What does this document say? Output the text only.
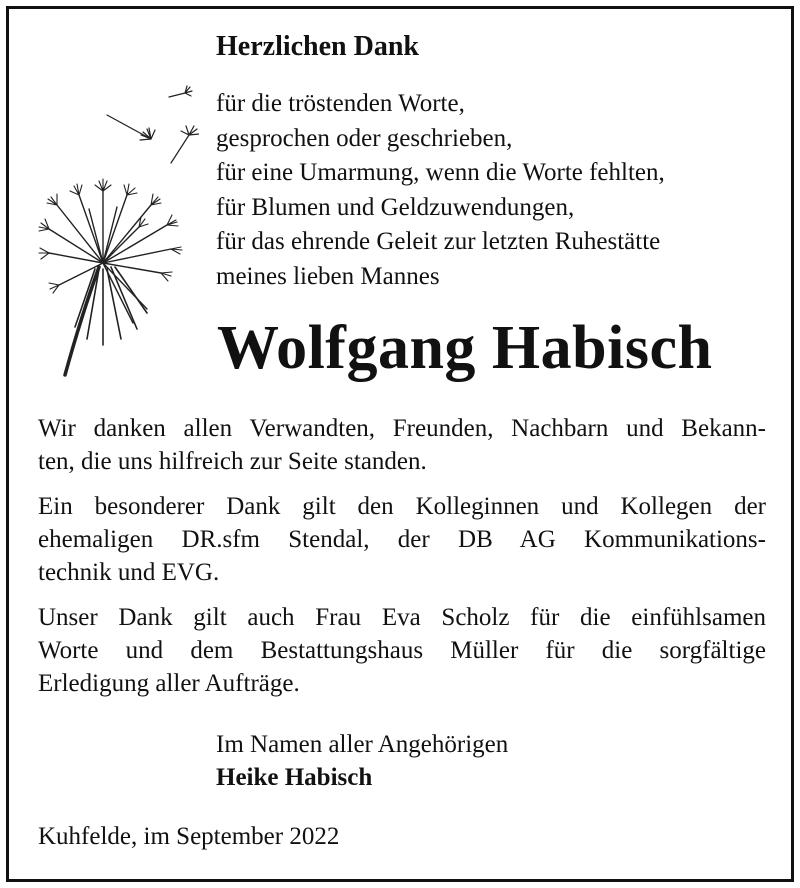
Herzlichen Dank
für die tröstenden Worte,
gesprochen oder geschrieben,
für eine Umarmung, wenn die Worte fehlten,
für Blumen und Geldzuwendungen,
für das ehrende Geleit zur letzten Ruhestätte
meines lieben Mannes
Wolfgang Habisch
Wir danken allen Verwandten, Freunden, Nachbarn und Bekann-
ten, die uns hilfreich zur Seite standen.
Ein besonderer Dank gilt den Kolleginnen und Kollegen der
ehemaligen DR.sfm Stendal, der DB AG Kommunikations-
technik und EVG.
Unser Dank gilt auch Frau Eva Scholz für die einfühlsamen
Worte und dem Bestattungshaus Müller für die sorgfältige
Erledigung aller Aufträge.
Im Namen aller Angehörigen
Heike Habisch
Kuhfelde, im September 2022
